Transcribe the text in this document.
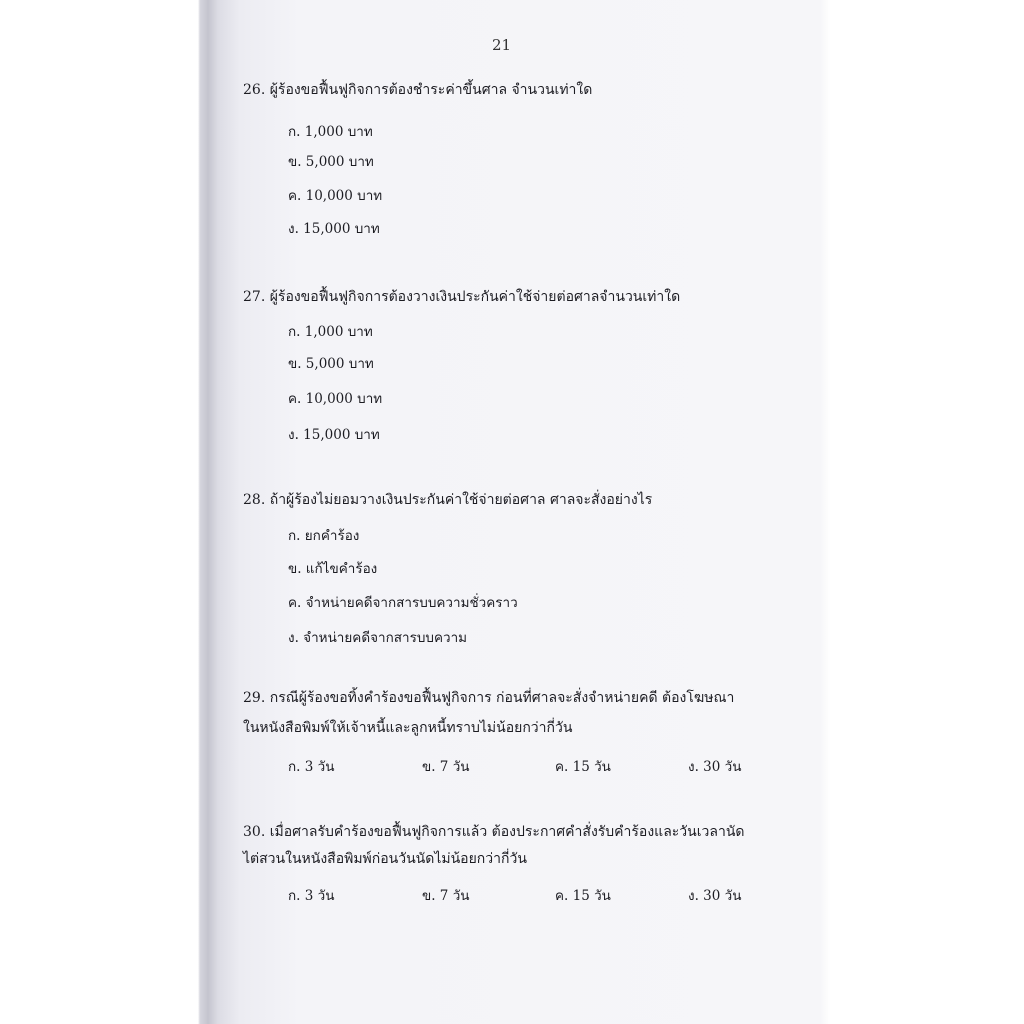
21
26. ผู้ร้องขอฟื้นฟูกิจการต้องชำระค่าขึ้นศาล จำนวนเท่าใด
ก. 1,000 บาท
ข. 5,000 บาท
ค. 10,000 บาท
ง. 15,000 บาท
27. ผู้ร้องขอฟื้นฟูกิจการต้องวางเงินประกันค่าใช้จ่ายต่อศาลจำนวนเท่าใด
ก. 1,000 บาท
ข. 5,000 บาท
ค. 10,000 บาท
ง. 15,000 บาท
28. ถ้าผู้ร้องไม่ยอมวางเงินประกันค่าใช้จ่ายต่อศาล ศาลจะสั่งอย่างไร
ก. ยกคำร้อง
ข. แก้ไขคำร้อง
ค. จำหน่ายคดีจากสารบบความชั่วคราว
ง. จำหน่ายคดีจากสารบบความ
29. กรณีผู้ร้องขอทิ้งคำร้องขอฟื้นฟูกิจการ ก่อนที่ศาลจะสั่งจำหน่ายคดี ต้องโฆษณา
ในหนังสือพิมพ์ให้เจ้าหนี้และลูกหนี้ทราบไม่น้อยกว่ากี่วัน
ก. 3 วัน	ข. 7 วัน	ค. 15 วัน	ง. 30 วัน
30. เมื่อศาลรับคำร้องขอฟื้นฟูกิจการแล้ว ต้องประกาศคำสั่งรับคำร้องและวันเวลานัด
ไต่สวนในหนังสือพิมพ์ก่อนวันนัดไม่น้อยกว่ากี่วัน
ก. 3 วัน	ข. 7 วัน	ค. 15 วัน	ง. 30 วัน
